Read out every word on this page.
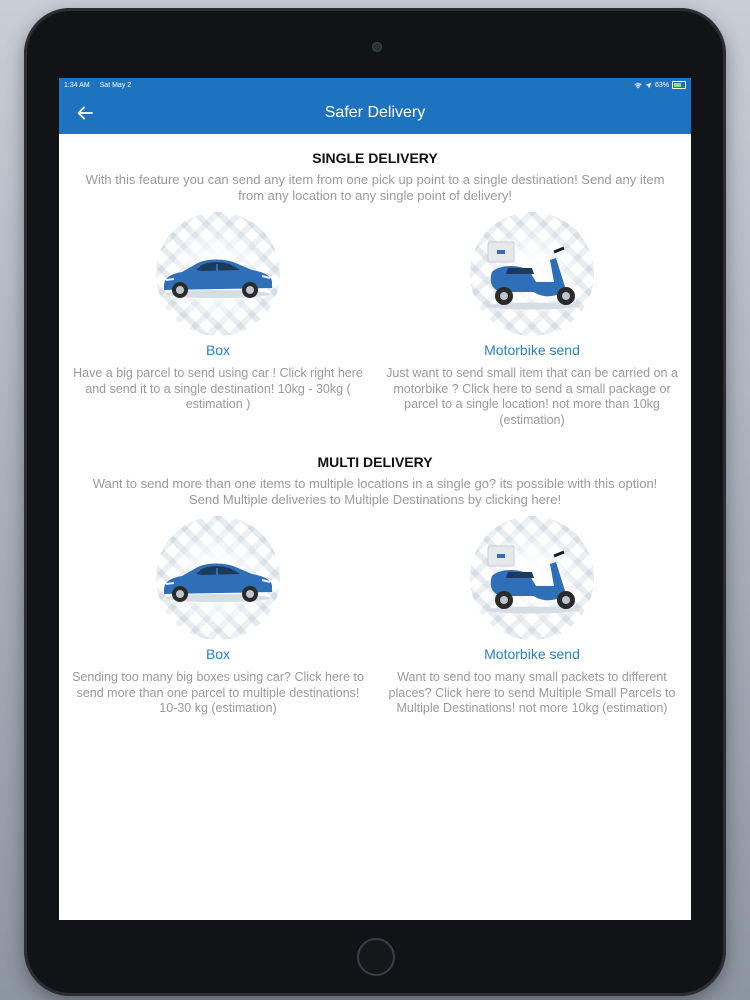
1:34 AM Sat May 2	63%
Safer Delivery
SINGLE DELIVERY
With this feature you can send any item from one pick up point to a single destination! Send any item from any location to any single point of delivery!
Box
Have a big parcel to send using car ! Click right here and send it to a single destination! 10kg - 30kg ( estimation )
Motorbike send
Just want to send small item that can be carried on a motorbike ? Click here to send a small package or parcel to a single location! not more than 10kg (estimation)
MULTI DELIVERY
Want to send more than one items to multiple locations in a single go? its possible with this option! Send Multiple deliveries to Multiple Destinations by clicking here!
Box
Sending too many big boxes using car? Click here to send more than one parcel to multiple destinations! 10-30 kg (estimation)
Motorbike send
Want to send too many small packets to different places? Click here to send Multiple Small Parcels to Multiple Destinations! not more 10kg (estimation)
